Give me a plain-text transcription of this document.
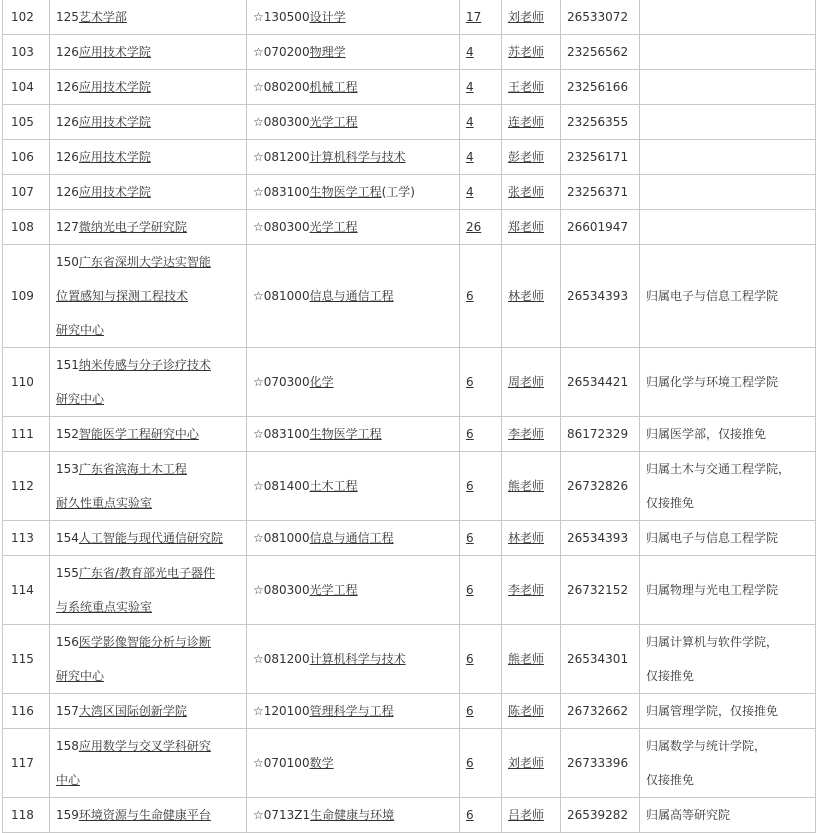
102	125艺术学部	☆130500设计学	17	刘老师	26533072	
103	126应用技术学院	☆070200物理学	4	苏老师	23256562	
104	126应用技术学院	☆080200机械工程	4	王老师	23256166	
105	126应用技术学院	☆080300光学工程	4	连老师	23256355	
106	126应用技术学院	☆081200计算机科学与技术	4	彭老师	23256171	
107	126应用技术学院	☆083100生物医学工程(工学)	4	张老师	23256371	
108	127微纳光电子学研究院	☆080300光学工程	26	郑老师	26601947	
109	150广东省深圳大学达实智能
位置感知与探测工程技术
研究中心	☆081000信息与通信工程	6	林老师	26534393	归属电子与信息工程学院

110	151纳米传感与分子诊疗技术
研究中心	☆070300化学	6	周老师	26534421	归属化学与环境工程学院

111	152智能医学工程研究中心	☆083100生物医学工程	6	李老师	86172329	归属医学部，仅接推免

112	153广东省滨海土木工程
耐久性重点实验室	☆081400土木工程	6	熊老师	26732826	归属土木与交通工程学院，
仅接推免

113	154人工智能与现代通信研究院	☆081000信息与通信工程	6	林老师	26534393	归属电子与信息工程学院

114	155广东省/教育部光电子器件
与系统重点实验室	☆080300光学工程	6	李老师	26732152	归属物理与光电工程学院

115	156医学影像智能分析与诊断
研究中心	☆081200计算机科学与技术	6	熊老师	26534301	归属计算机与软件学院，
仅接推免

116	157大湾区国际创新学院	☆120100管理科学与工程	6	陈老师	26732662	归属管理学院，仅接推免

117	158应用数学与交叉学科研究
中心	☆070100数学	6	刘老师	26733396	归属数学与统计学院，
仅接推免

118	159环境资源与生命健康平台	☆0713Z1生命健康与环境	6	吕老师	26539282	归属高等研究院
